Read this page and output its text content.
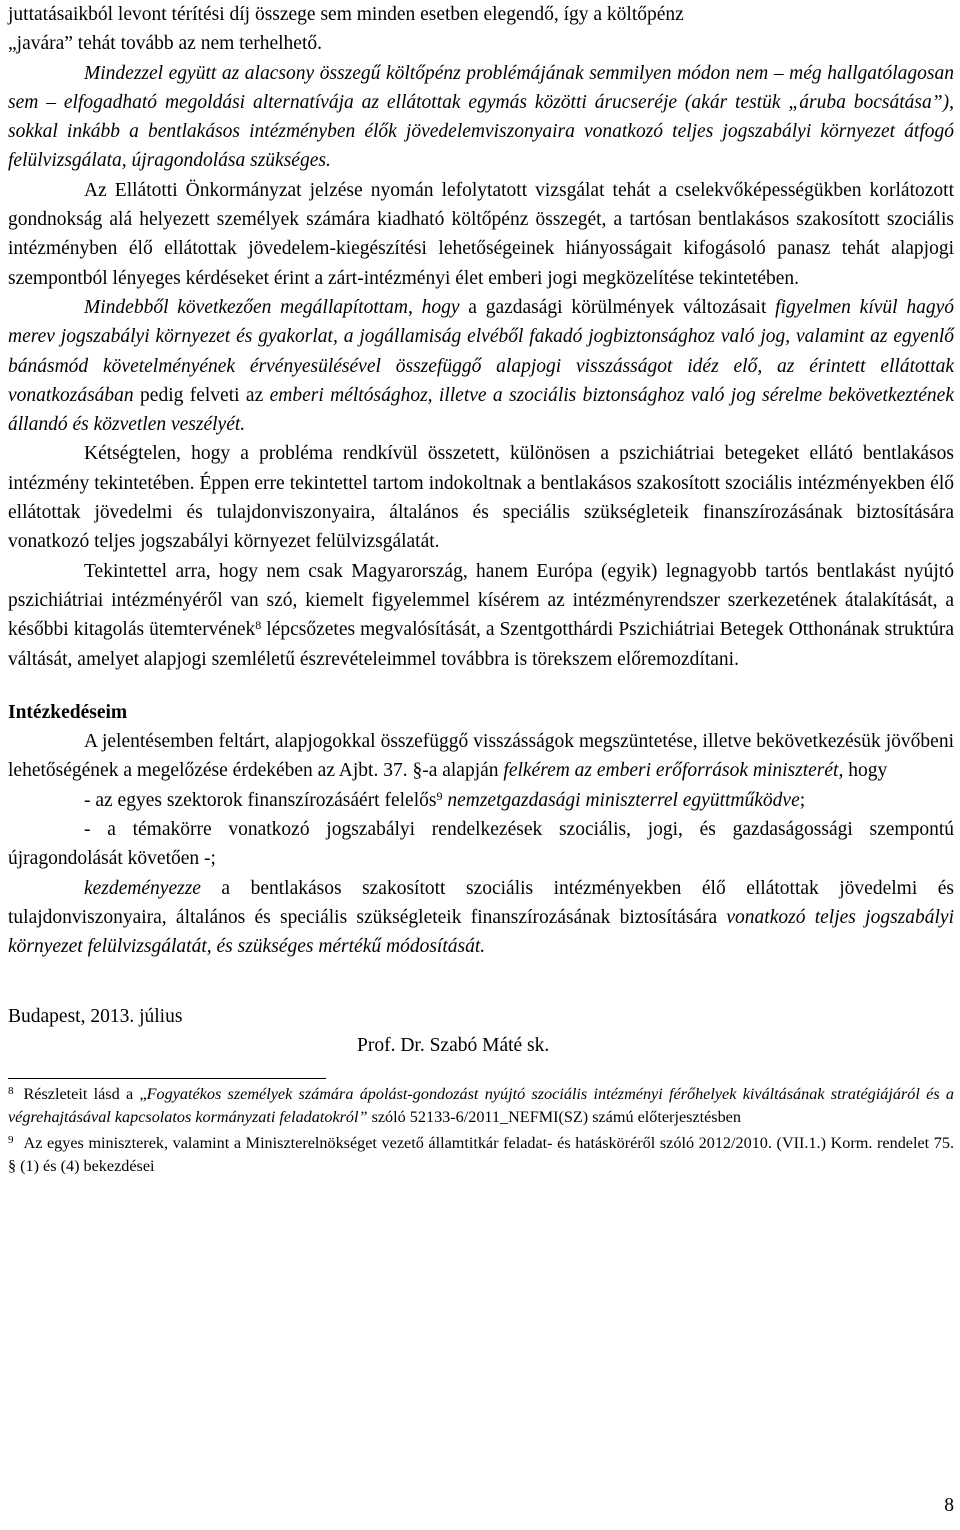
juttatásaikból levont térítési díj összege sem minden esetben elegendő, így a költőpénz
„javára” tehát tovább az nem terhelhető.

Mindezzel együtt az alacsony összegű költőpénz problémájának semmilyen módon nem – még hallgatólagosan sem – elfogadható megoldási alternatívája az ellátottak egymás közötti árucseréje (akár testük „áruba bocsátása”), sokkal inkább a bentlakásos intézményben élők jövedelemviszonyaira vonatkozó teljes jogszabályi környezet átfogó felülvizsgálata, újragondolása szükséges.

Az Ellátotti Önkormányzat jelzése nyomán lefolytatott vizsgálat tehát a cselekvőképességükben korlátozott gondnokság alá helyezett személyek számára kiadható költőpénz összegét, a tartósan bentlakásos szakosított szociális intézményben élő ellátottak jövedelem-kiegészítési lehetőségeinek hiányosságait kifogásoló panasz tehát alapjogi szempontból lényeges kérdéseket érint a zárt-intézményi élet emberi jogi megközelítése tekintetében.

Mindebből következően megállapítottam, hogy a gazdasági körülmények változásait figyelmen kívül hagyó merev jogszabályi környezet és gyakorlat, a jogállamiság elvéből fakadó jogbiztonsághoz való jog, valamint az egyenlő bánásmód követelményének érvényesülésével összefüggő alapjogi visszásságot idéz elő, az érintett ellátottak vonatkozásában pedig felveti az emberi méltósághoz, illetve a szociális biztonsághoz való jog sérelme bekövetkeztének állandó és közvetlen veszélyét.

Kétségtelen, hogy a probléma rendkívül összetett, különösen a pszichiátriai betegeket ellátó bentlakásos intézmény tekintetében. Éppen erre tekintettel tartom indokoltnak a bentlakásos szakosított szociális intézményekben élő ellátottak jövedelmi és tulajdonviszonyaira, általános és speciális szükségleteik finanszírozásának biztosítására vonatkozó teljes jogszabályi környezet felülvizsgálatát.

Tekintettel arra, hogy nem csak Magyarország, hanem Európa (egyik) legnagyobb tartós bentlakást nyújtó pszichiátriai intézményéről van szó, kiemelt figyelemmel kísérem az intézményrendszer szerkezetének átalakítását, a későbbi kitagolás ütemtervének$^8$ lépcsőzetes megvalósítását, a Szentgotthárdi Pszichiátriai Betegek Otthonának struktúra váltását, amelyet alapjogi szemléletű észrevételeimmel továbbra is törekszem előremozdítani.

Intézkedéseim

A jelentésemben feltárt, alapjogokkal összefüggő visszásságok megszüntetése, illetve bekövetkezésük jövőbeni lehetőségének a megelőzése érdekében az Ajbt. 37. §-a alapján felkérem az emberi erőforrások miniszterét, hogy

- az egyes szektorok finanszírozásáért felelős$^9$ nemzetgazdasági miniszterrel együttműködve;

- a témakörre vonatkozó jogszabályi rendelkezések szociális, jogi, és gazdaságossági szempontú újragondolását követően -;

kezdeményezze a bentlakásos szakosított szociális intézményekben élő ellátottak jövedelmi és tulajdonviszonyaira, általános és speciális szükségleteik finanszírozásának biztosítására vonatkozó teljes jogszabályi környezet felülvizsgálatát, és szükséges mértékű módosítását.

Budapest, 2013. július

Prof. Dr. Szabó Máté sk.

$^8$ Részleteit lásd a „Fogyatékos személyek számára ápolást-gondozást nyújtó szociális intézményi férőhelyek kiváltásának stratégiájáról és a végrehajtásával kapcsolatos kormányzati feladatokról” szóló 52133-6/2011_NEFMI(SZ) számú előterjesztésben

$^9$ Az egyes miniszterek, valamint a Miniszterelnökséget vezető államtitkár feladat- és hatásköréről szóló 2012/2010. (VII.1.) Korm. rendelet 75. § (1) és (4) bekezdései

8
